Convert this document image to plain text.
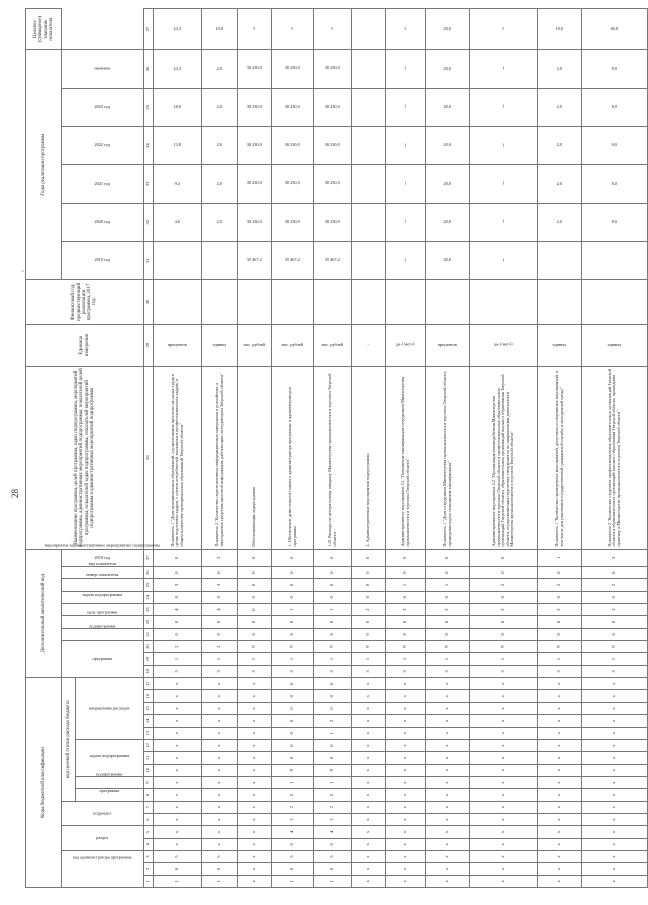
28
›
Коды бюджетной классификации																	Дополнительный аналитический код										Наименование программы, целей программы, задач подпрограммы, мероприятий подпрограммы, административных мероприятий подпрограммы, показателей целей программы, показателей задач подпрограммы, показателей мероприятий подпрограммы и административных мероприятий подпрограммы	Единица измерения	Финансовый год, предшествующий реализации программы, 2017 год	Годы реализации программы						Целевое (суммарное) значение показателя
код администратора программы			раздел		подраздел		код целевой статьи расхода бюджета										программа			подпрограмма	цель программы	задача подпрограммы	мероприятие (административное мероприятие) подпрограммы	номер показателя	вид показателя	2018 год				2019 год	2020 год	2021 год	2022 год	2023 год	значение	
							программа	подпрограмма	задача подпрограммы			направление расходов																								
1	2	3	4	5	6	7	8	9	10	11	12	13	14	15	16	17	18	19	20	21	22	23	24	25	26	27	28	29	30	31	32	33	34	35	36	37
1	0	5	x	x	x	x	x	x	x	x	x	x	x	x	x	x	5	1	2	0	0	4	0	3	8	0	Показатель 1 "Доля муниципальных образований, осуществивших прогнозы на рынке труда в целях подготовки кадров, с учетом потребностей экономики в профессиональных кадрах, в общем количестве муниципальных образований Тверской области"	процентов			4,6	9,3	13,8	18,6	23,3	23,3
1	0	5	x	x	x	x	x	x	x	x	x	x	x	x	x	x	5	1	2	0	0	4	0	3	0	2	Показатель 2 "Количество подготовленных информационных материалов в российских и иностранных средствах массовой информации, работающих на территории Тверской области"	единиц			2,0	2,0	2,0	2,0	2,0	10,0
x	x	x	x	x	x	x	x	x	x	x	x	x	x	x	x	x	5	1	9	0	0	0	0	0	0	0	Обеспечивающая подпрограмма	тыс. рублей		35 467,2	30 230,0	30 230,0	30 230,0	30 230,0	30 230,0	x
1	0	5	0	4	1	2	5	1	9	0	0	0	0	0	0	0	5	1	9	0	0	1	0	0	0	0	1. Обеспечение деятельности главного администратора программы и администраторов программы	тыс. рублей		35 467,2	30 230,0	30 230,0	30 230,0	30 230,0	30 230,0	x
1	0	5	0	4	1	2	5	1	9	0	0	1	2	0	0	0	5	1	9	0	0	1	0	0	0	0	1.01 Расходы по центральному аппарату Министерства промышленности и торговли Тверской области	тыс. рублей		35 467,2	30 230,0	30 230,0	30 230,0	30 230,0	30 230,0	x
x	x	x	x	x	x	x	x	x	x	x	x	x	x	x	x	x	5	1	9	0	0	2	0	0	0	0	2. Административные мероприятия подпрограммы	-								
x	x	x	x	x	x	x	x	x	x	x	x	x	x	x	x	x	5	1	9	0	0	2	0	1	0	0	Административное мероприятие 2.1 "Повышение квалификации сотрудников Министерства промышленности и торговли Тверской области"	да-1/нет-0		1	1	1	1	1	1	x
x	x	x	x	x	x	x	x	x	x	x	x	x	x	x	x	x	5	1	9	0	0	2	0	1	8	0	Показатель 1 "Доля сотрудников Министерства промышленности и торговли Тверской области, прошедших курсы повышения квалификации"	процентов		20,0	20,0	20,0	20,0	20,0	20,0	20,0
x	x	x	x	x	x	x	x	x	x	x	x	x	x	x	x	x	5	1	9	0	0	2	0	2	0	0	Административное мероприятие 2.2 "Организация взаимодействия Министерства промышленности и торговли Тверской области и профессиональных образовательных организаций Тверской области, образовательных организаций высшего образования Тверской области, осуществляющих подготовку специалистов по направлениям деятельности Министерства промышленности и торговли Тверской области"	да-1/нет-0		1	1	1	1	1	1	x
x	x	x	x	x	x	x	x	x	x	x	x	x	x	x	x	x	5	1	9	0	0	2	0	2	8	1	Показатель 1 "Количество проведенных мероприятий, досуговых и спортивных мероприятий, в том числе для участников государственной гражданской службы и молодежной среды"	единиц			2,0	2,0	2,0	2,0	2,0	10,0
x	x	x	x	x	x	x	x	x	x	x	x	x	x	x	x	x	5	1	9	0	0	2	0	2	8	2	Показатель 2 "Количество студентов профессиональных образовательных организаций Тверской области и образовательных организаций высшего образования Тверской области, прошедших практику в Министерстве промышленности и торговли Тверской области"	единиц			8,0	8,0	8,0	8,0	8,0	40,0
